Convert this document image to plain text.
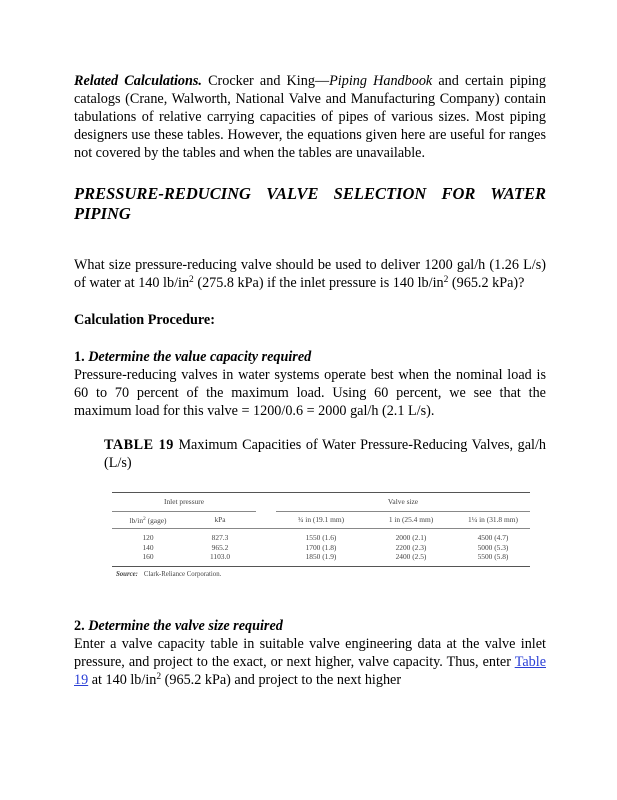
Related Calculations. Crocker and King—Piping Handbook and certain piping catalogs (Crane, Walworth, National Valve and Manufacturing Company) contain tabulations of relative carrying capacities of pipes of various sizes. Most piping designers use these tables. However, the equations given here are useful for ranges not covered by the tables and when the tables are unavailable.

PRESSURE-REDUCING VALVE SELECTION FOR WATER PIPING

What size pressure-reducing valve should be used to deliver 1200 gal/h (1.26 L/s) of water at 140 $lb/in^2$ (275.8 kPa) if the inlet pressure is 140 $lb/in^2$ (965.2 kPa)?

Calculation Procedure:

1. Determine the value capacity required

Pressure-reducing valves in water systems operate best when the nominal load is 60 to 70 percent of the maximum load. Using 60 percent, we see that the maximum load for this valve = 1200/0.6 = 2000 gal/h (2.1 L/s).

TABLE 19 Maximum Capacities of Water Pressure-Reducing Valves, gal/h (L/s)

Inlet pressure			Valve size		

$lb/in^2$ (gage)	kPa		¾ in (19.1 mm)	1 in (25.4 mm)	1¼ in (31.8 mm)
120	827.3		1550 (1.6)	2000 (2.1)	4500 (4.7)
140	965.2		1700 (1.8)	2200 (2.3)	5000 (5.3)
160	1103.0		1850 (1.9)	2400 (2.5)	5500 (5.8)
Source: Clark-Reliance Corporation.

2. Determine the valve size required

Enter a valve capacity table in suitable valve engineering data at the valve inlet pressure, and project to the exact, or next higher, valve capacity. Thus, enter Table 19 at 140 $lb/in^2$ (965.2 kPa) and project to the next higher
